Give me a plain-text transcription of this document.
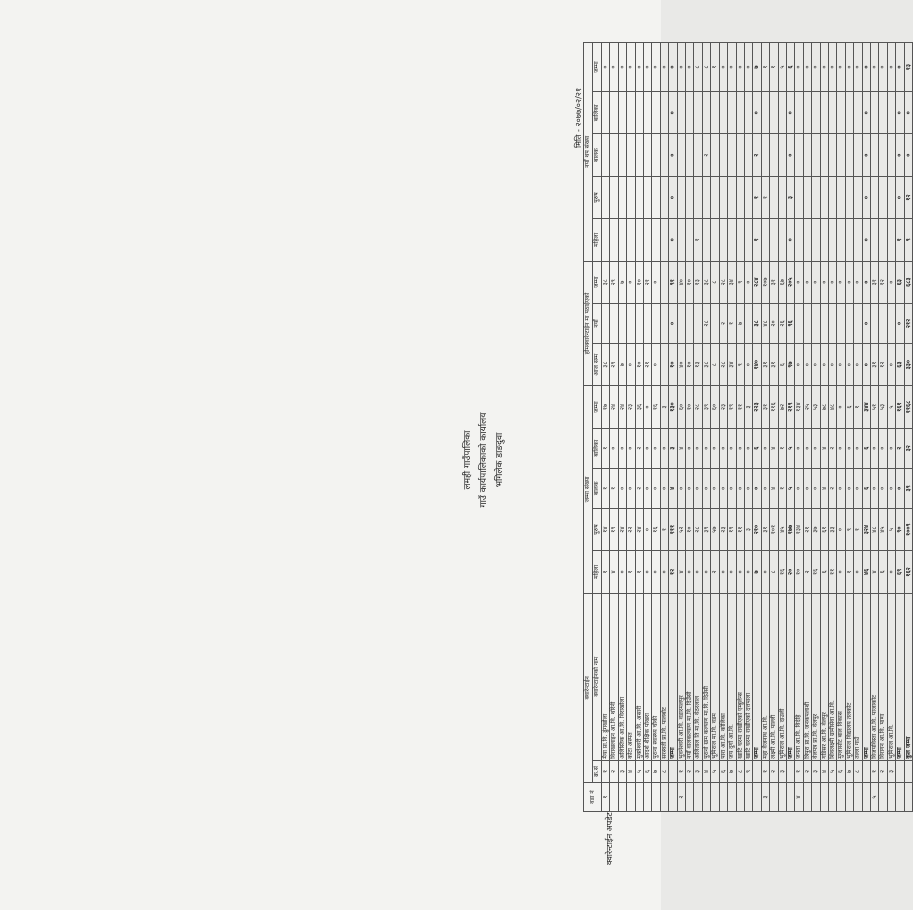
लमही गाउँपालिका गाउँ कार्यपालिकाको कार्यालय भगिलेक डाङदुवा
मिति - २०७७/०२/२१
क्वारेन्टाईन अपडेट
वडा नं	क्वारेन्टाईन		जम्मा संख्या					होमक्वारेन्टाईन मा पठाईएको			नयाँ थप संख्या				
	क्र.सं	क्वारेन्टाईनको नाम	महिला	पुरुष	बालक	बालिका	जम्मा	आज सम्म	नयाँ	जम्मा	महिला	पुरुष	बालक	बालिका	जम्मा

१	१	मैया प्रा.वि. ढुंगखोला	१	१४	१	१	१७	३८		३८					०
	२	विराखलाइन आ.वि. थोरेनी	४	१९	१	०	२४	२९		२९					०
	३	अलिस्तिक आ.वि. विराखोला	०	२४	०	०	२४	७		७					०
	४	कोटा अस्पत	१	२२	०	०	२३	०		०					०
	५	मुक्तेश्वरी आ.वि. असारी	१	२४	२	२	३६	१०		१०					०
	६	आदर्श शैक्षिक पोखरा	०	०	०	०	०	२१		२१					०
	७	पुराना स्वास्थ्य चौकी	०	१६	०	०	१६	०		०					०
	८	सरस्वती प्रा.वि. पालबोट	०	१	०	०	३								०
		जम्मा	१२	१११	४	३	१३०	१०	०	९१	०	०	०	०	०
२	१	भुवनेश्वरी आ.वि. वडारमलपुर	४	५२	०	४	६०	४०		४०					०
	२	नयाँ वालकल्याण मा.वि. दिउँसी	०	१०	०	०	१०	१०		१०					०
	३	अलिताल ति मा.वि. वेठरलाल	०	२८	०	०	२८	१३		१३	१				८
	४	पुरानो ग्राम कल्याण मा.वि. दिउँसी	०	३९	०	०	३९	३८	२८	३८			२		८
	५	भूमिराज मा.वि. वडम	२	५७	०	०	६०	८		८					१
	६	पारा आ.वि. कोलिका	०	२३	०	०	२३	२८	२	२८					०
	७	जय दुर्गा आ.वि.	०	१९	०	०	१९	३४	१	३४					०
	८	खाटि घरमा राखीएको एम्बुलेन्स	०	११	०	०	११	९	७	९					०
	९	खाटि घरमा राखीएको दत्तपाला	०	३	०	०	३	०		०					०
		जम्मा	७	२१०	०	६	२२३	१४०	३८	२८४	१	१	२	०	७
३	१	महा वैजनाथ आ.वि.	०	३१	०	०	३१	३१	४८	१०७		१			१
	२	लक्ष्मी आ.वि. पाल्ली	८	१०१	४	४	११६	३१	२०	३१					१
	३	भूमिराज आ.वि. दाउली	१६	४५	१	१	७२	६	२६	६७					५
		जम्मा	२०	१७७	५	५	२१९	९७	९६	२०५	०	३	०	०	६
४	१	जनता आ.वि. विदेहि	१०	१३४	०	०	१३४	०		०					०
	२	त्रिपुरा प्रा.वि. जनकपलाशी	२	२१	०	०	२५	०		०					०
	३	वेलपत्र प्रा.वि. वेलपुर	१६	३७	०	०	५३	०		०					०
	४	गडिसर आ.वि. वेलपुर	६	६१	४	४	७८	०		०					०
	५	शिवलक्ष्मी ग्रामीसेवा आ.वि.	११	३३	२	२	४८	०		०					०
	६	मुग्लासोट बाल विकास	०	०	०	०	०	०		०					०
	७	भूमिराज विद्यालय तलकोट	१	९	०	०	६	०		०					०
	८	तल्ला गाउँ	०	१	०	०	१	०		०					०
		जम्मा	४६	३२४	६	६	३४४	०	०	०	०	०	०	०	०
५	१	विजयविस्ता आ.वि. पाजाकोट	४	४८	०	०	५१	३१		३१					०
	२	विरागन आ.वि. पाणा	६	४५	०	०	५३	१२		१२					०
	३	भूमिराज आ.वि.	०	५	०	०	५	०		०					०
		जम्मा	६९	९०	०	२	१६१	६३	०	६३	१	०	०	०	०
		कुल जम्मा	१६२	१००९	३९	३२	११६८	३३०	२१२	६८३	९	१२	०	०	१३
